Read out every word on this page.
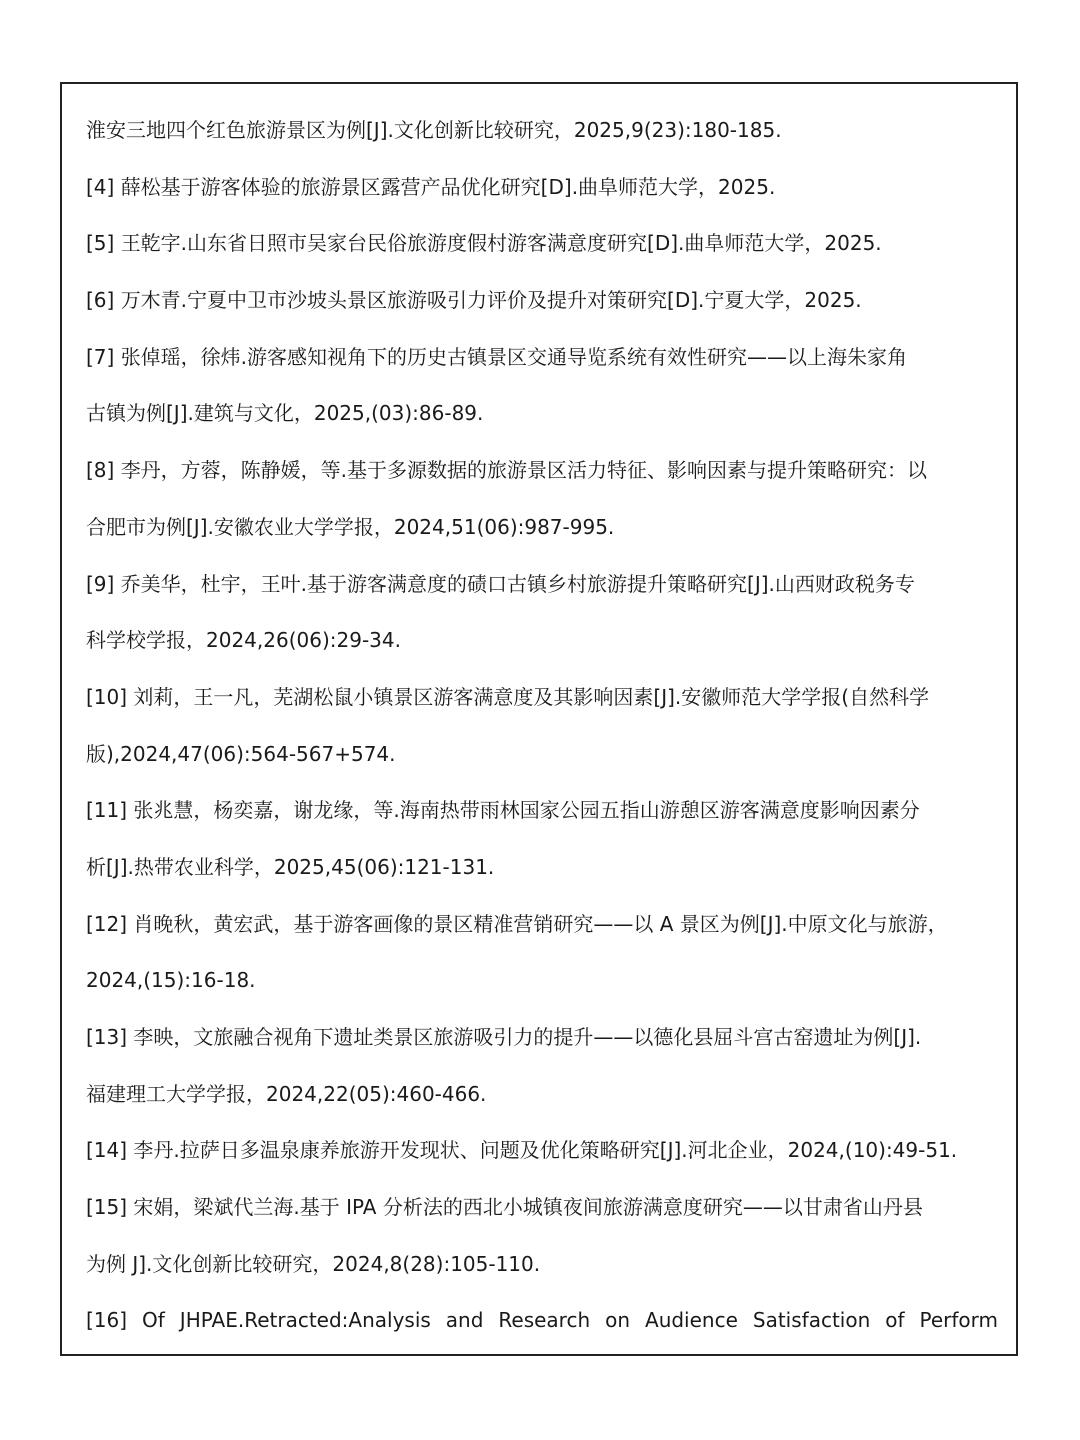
淮安三地四个红色旅游景区为例[J].文化创新比较研究，2025,9(23):180-185.
[4] 薛松基于游客体验的旅游景区露营产品优化研究[D].曲阜师范大学，2025.
[5] 王乾字.山东省日照市吴家台民俗旅游度假村游客满意度研究[D].曲阜师范大学，2025.
[6] 万木青.宁夏中卫市沙坡头景区旅游吸引力评价及提升对策研究[D].宁夏大学，2025.
[7] 张倬瑶，徐炜.游客感知视角下的历史古镇景区交通导览系统有效性研究——以上海朱家角
古镇为例[J].建筑与文化，2025,(03):86-89.
[8] 李丹，方蓉，陈静媛，等.基于多源数据的旅游景区活力特征、影响因素与提升策略研究：以
合肥市为例[J].安徽农业大学学报，2024,51(06):987-995.
[9] 乔美华，杜宇，王叶.基于游客满意度的碛口古镇乡村旅游提升策略研究[J].山西财政税务专
科学校学报，2024,26(06):29-34.
[10] 刘莉，王一凡，芜湖松鼠小镇景区游客满意度及其影响因素[J].安徽师范大学学报(自然科学
版),2024,47(06):564-567+574.
[11] 张兆慧，杨奕嘉，谢龙缘，等.海南热带雨林国家公园五指山游憩区游客满意度影响因素分
析[J].热带农业科学，2025,45(06):121-131.
[12] 肖晚秋，黄宏武，基于游客画像的景区精准营销研究——以 A 景区为例[J].中原文化与旅游，
2024,(15):16-18.
[13] 李映，文旅融合视角下遗址类景区旅游吸引力的提升——以德化县屈斗宫古窑遗址为例[J].
福建理工大学学报，2024,22(05):460-466.
[14] 李丹.拉萨日多温泉康养旅游开发现状、问题及优化策略研究[J].河北企业，2024,(10):49-51.
[15] 宋娟，梁斌代兰海.基于 IPA 分析法的西北小城镇夜间旅游满意度研究——以甘肃省山丹县
为例 J].文化创新比较研究，2024,8(28):105-110.
[16] Of JHPAE.Retracted:Analysis and Research on Audience Satisfaction of Perform
